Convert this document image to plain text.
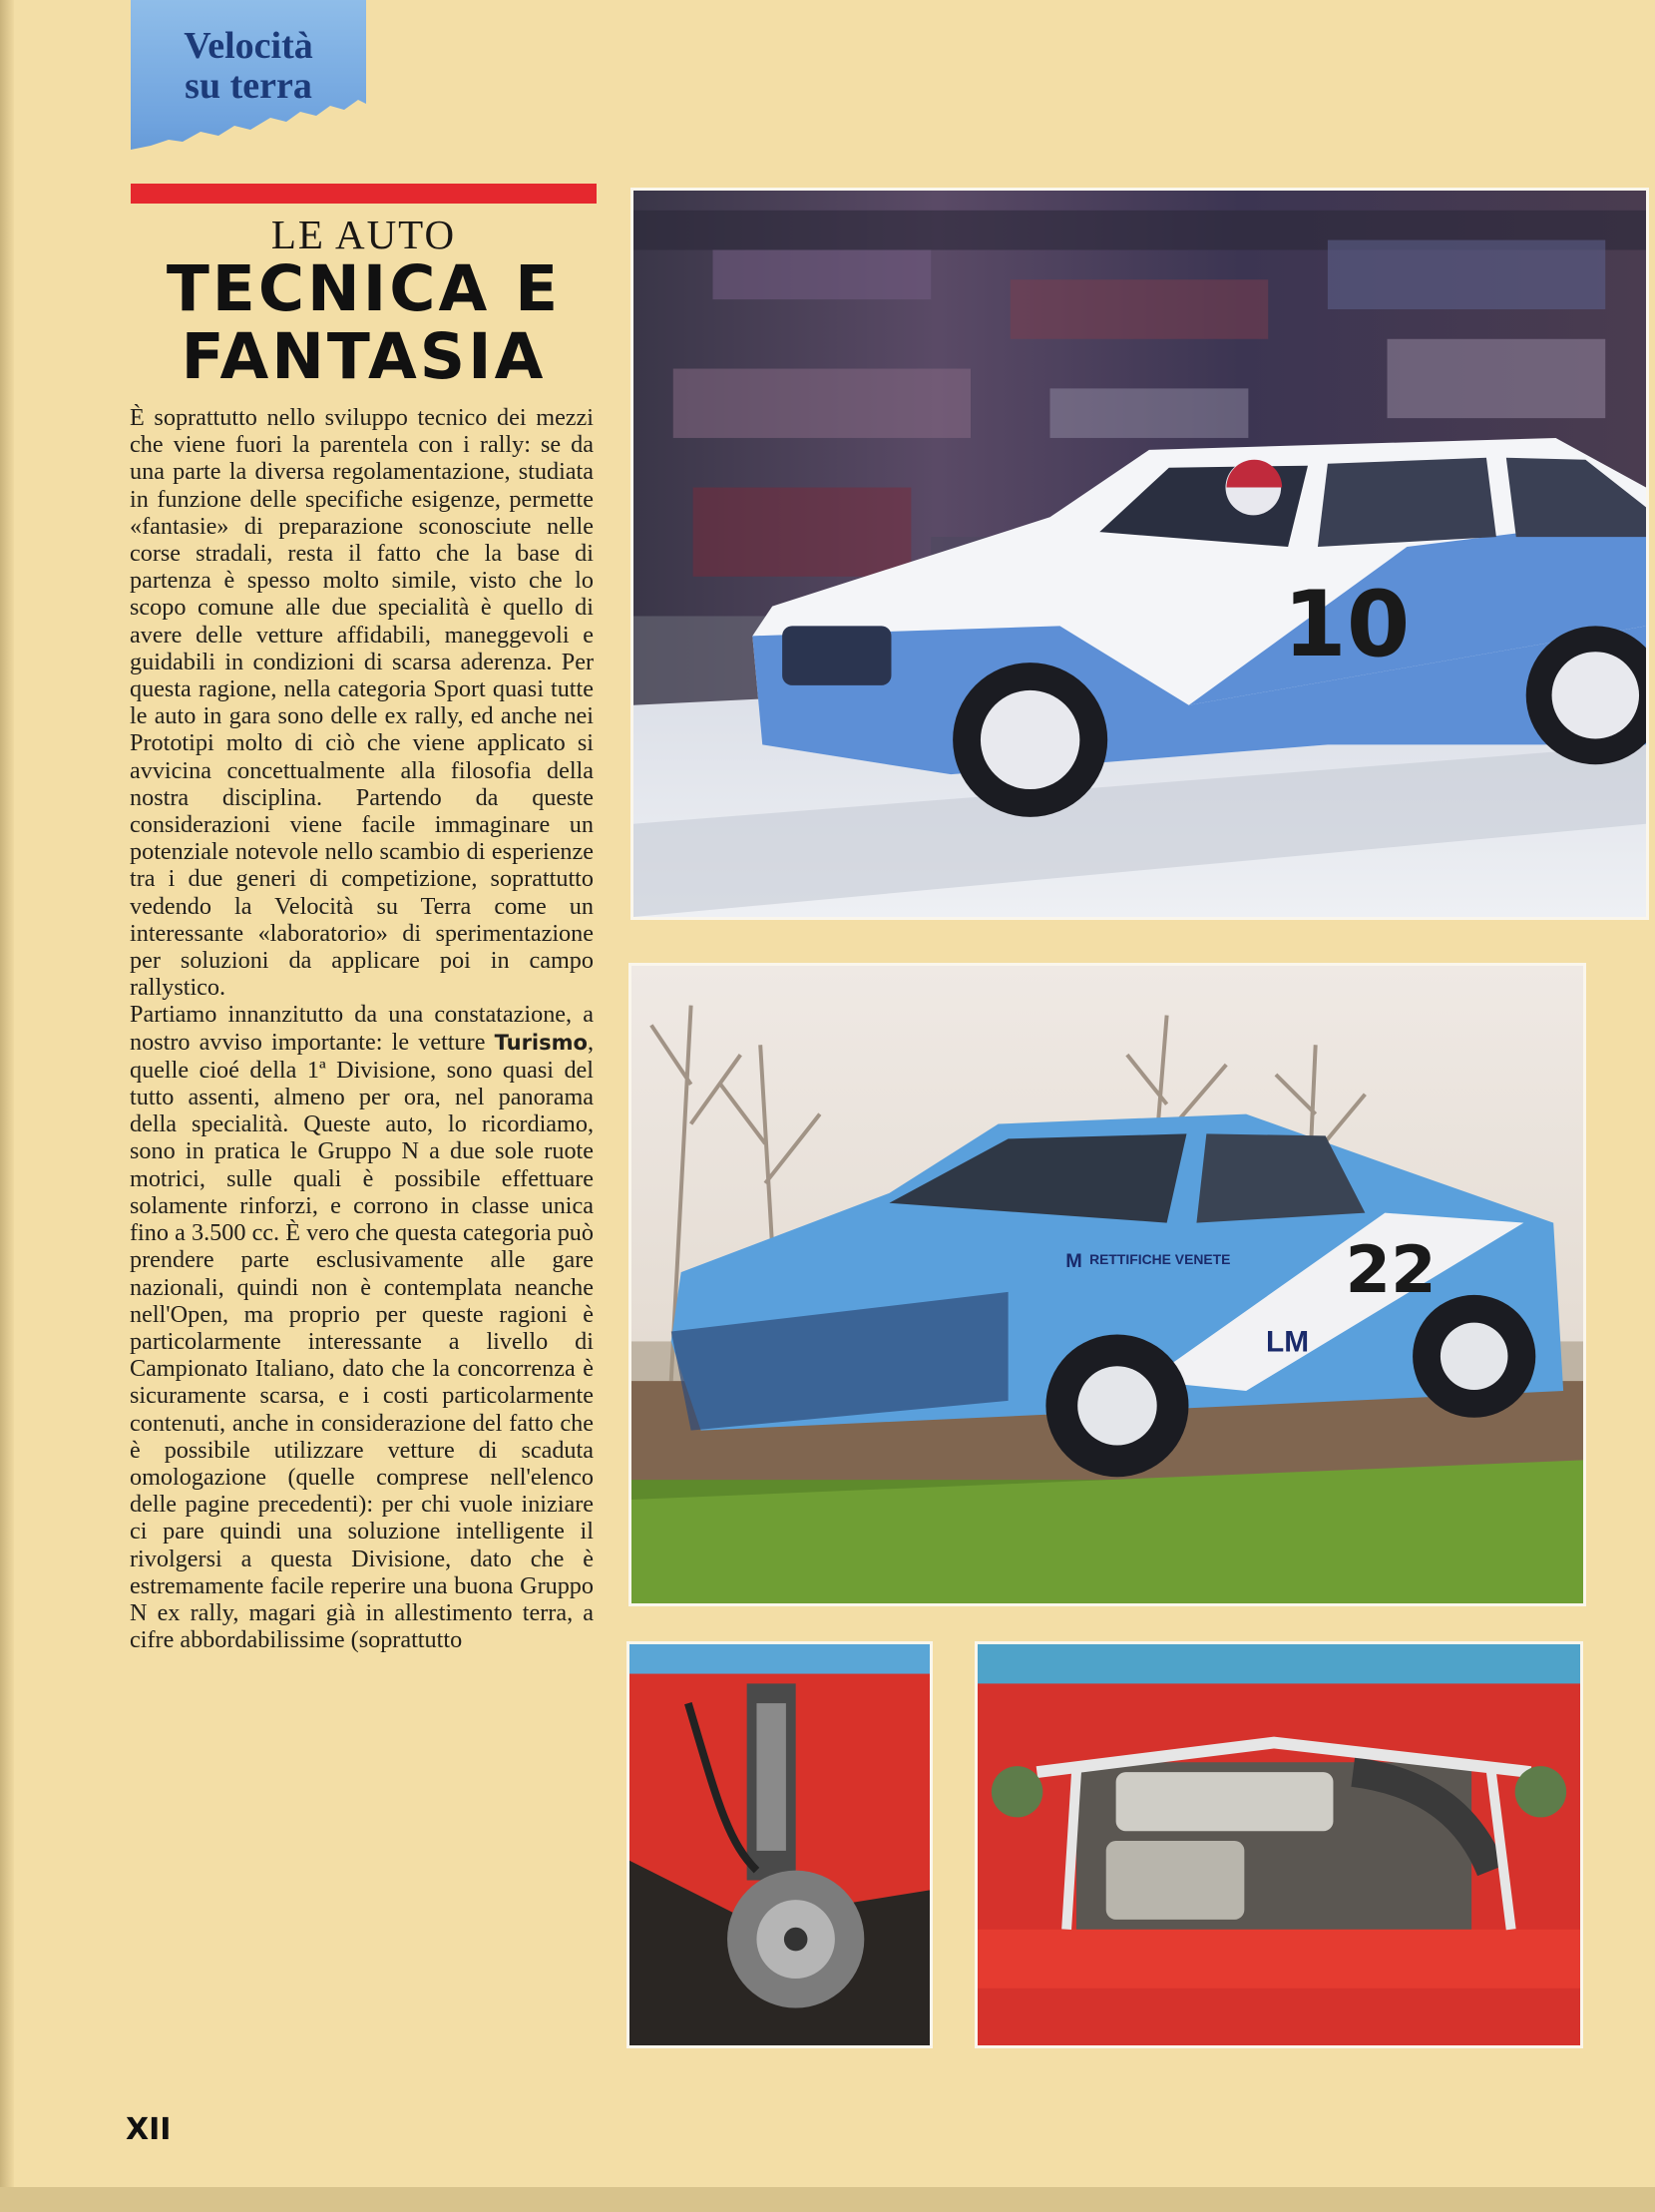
Velocità
su terra
LE AUTO
TECNICA E
FANTASIA
È soprattutto nello sviluppo tecnico dei mezzi che viene fuori la parentela con i rally: se da una parte la diversa regolamentazione, studiata in funzione delle specifiche esigenze, permette «fantasie» di preparazione sconosciute nelle corse stradali, resta il fatto che la base di partenza è spesso molto simile, visto che lo scopo comune alle due specialità è quello di avere delle vetture affidabili, maneggevoli e guidabili in condizioni di scarsa aderenza. Per questa ragione, nella categoria Sport quasi tutte le auto in gara sono delle ex rally, ed anche nei Prototipi molto di ciò che viene applicato si avvicina concettualmente alla filosofia della nostra disciplina. Partendo da queste considerazioni viene facile immaginare un potenziale notevole nello scambio di esperienze tra i due generi di competizione, soprattutto vedendo la Velocità su Terra come un interessante «laboratorio» di sperimentazione per soluzioni da applicare poi in campo rallystico.
Partiamo innanzitutto da una constatazione, a nostro avviso importante: le vetture Turismo, quelle cioé della 1ª Divisione, sono quasi del tutto assenti, almeno per ora, nel panorama della specialità. Queste auto, lo ricordiamo, sono in pratica le Gruppo N a due sole ruote motrici, sulle quali è possibile effettuare solamente rinforzi, e corrono in classe unica fino a 3.500 cc. È vero che questa categoria può prendere parte esclusivamente alle gare nazionali, quindi non è contemplata neanche nell'Open, ma proprio per queste ragioni è particolarmente interessante a livello di Campionato Italiano, dato che la concorrenza è sicuramente scarsa, e i costi particolarmente contenuti, anche in considerazione del fatto che è possibile utilizzare vetture di scaduta omologazione (quelle comprese nell'elenco delle pagine precedenti): per chi vuole iniziare ci pare quindi una soluzione intelligente il rivolgersi a questa Divisione, dato che è estremamente facile reperire una buona Gruppo N ex rally, magari già in allestimento terra, a cifre abbordabilissime (soprattutto
XII
10
22
M RETTIFICHE VENETE
LM
